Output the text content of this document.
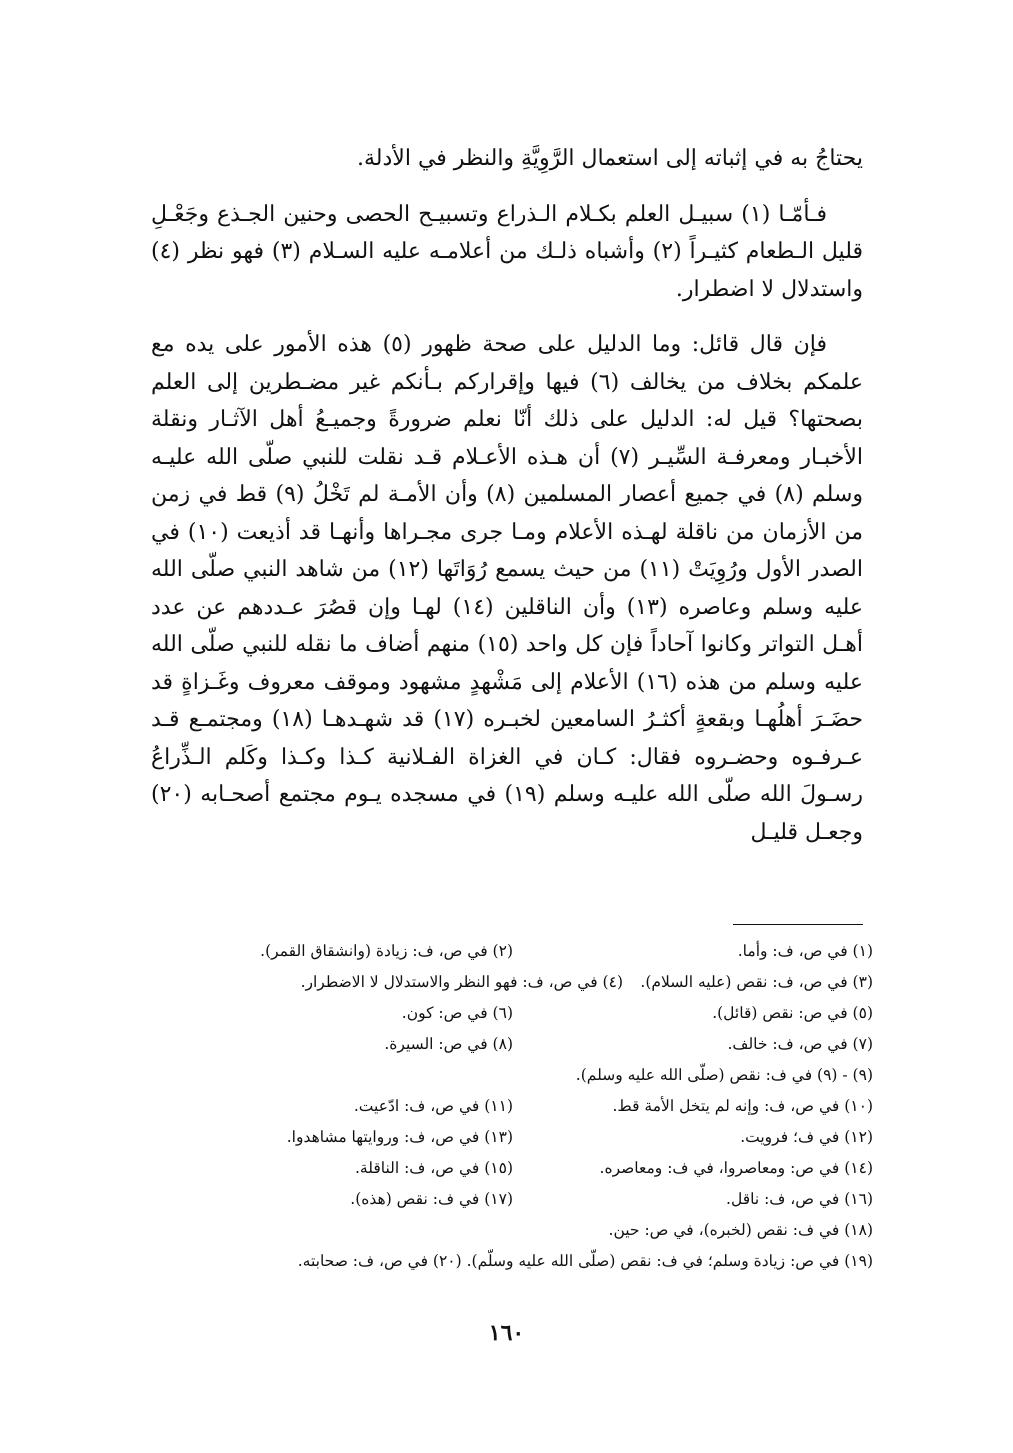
يحتاجُ به في إثباته إلى استعمال الرَّوِيَّةِ والنظر في الأدلة.

فـأمّـا (١) سبيـل العلم بكـلام الـذراع وتسبيـح الحصى وحنين الجـذع وجَعْـلِ قليل الـطعام كثيـراً (٢) وأشباه ذلـك من أعلامـه عليه السـلام (٣) فهو نظر (٤) واستدلال لا اضطرار.

فإن قال قائل: وما الدليل على صحة ظهور (٥) هذه الأمور على يده مع علمكم بخلاف من يخالف (٦) فيها وإقراركم بـأنكم غير مضـطرين إلى العلم بصحتها؟ قيل له: الدليل على ذلك أنّا نعلم ضرورةً وجميـعُ أهل الآثـار ونقلة الأخبـار ومعرفـة السِّيـر (٧) أن هـذه الأعـلام قـد نقلت للنبي صلّى الله عليـه وسلم (٨) في جميع أعصار المسلمين (٨) وأن الأمـة لم تَخْلُ (٩) قط في زمن من الأزمان من ناقلة لهـذه الأعلام ومـا جرى مجـراها وأنهـا قد أذيعت (١٠) في الصدر الأول ورُوِيَتْ (١١) من حيث يسمع رُوَاتَها (١٢) من شاهد النبي صلّى الله عليه وسلم وعاصره (١٣) وأن الناقلين (١٤) لهـا وإن قصُرَ عـددهم عن عدد أهـل التواتر وكانوا آحاداً فإن كل واحد (١٥) منهم أضاف ما نقله للنبي صلّى الله عليه وسلم من هذه (١٦) الأعلام إلى مَشْهدٍ مشهود وموقف معروف وغَـزاةٍ قد حضَـرَ أهلُهـا وبقعةٍ أكثـرُ السامعين لخبـره (١٧) قد شهـدهـا (١٨) ومجتمـع قـد عـرفـوه وحضـروه فقال: كـان في الغزاة الفـلانية كـذا وكـذا وكَلم الـذِّراعُ رسـولَ الله صلّى الله عليـه وسلم (١٩) في مسجده يـوم مجتمع أصحـابه (٢٠) وجعـل قليـل

(١) في ص، ف: وأما.
(٢) في ص، ف: زيادة (وانشقاق القمر).
(٣) في ص، ف: نقص (عليه السلام).
(٤) في ص، ف: فهو النظر والاستدلال لا الاضطرار.
(٥) في ص: نقص (قائل).
(٦) في ص: كون.
(٧) في ص، ف: خالف.
(٨) في ص: السيرة.
(٩) - (٩) في ف: نقص (صلّى الله عليه وسلم).
(١٠) في ص، ف: وإنه لم يتخل الأمة قط.
(١١) في ص، ف: ادّعيت.
(١٢) في ف؛ فرويت.
(١٣) في ص، ف: وروايتها مشاهدوا.
(١٤) في ص: ومعاصروا، في ف: ومعاصره.
(١٥) في ص، ف: الناقلة.
(١٦) في ص، ف: ناقل.
(١٧) في ف: نقص (هذه).
(١٨) في ف: نقص (لخبره)، في ص: حين.
(١٩) في ص: زيادة وسلم؛ في ف: نقص (صلّى الله عليه وسلّم). (٢٠) في ص، ف: صحابته.
١٦٠
